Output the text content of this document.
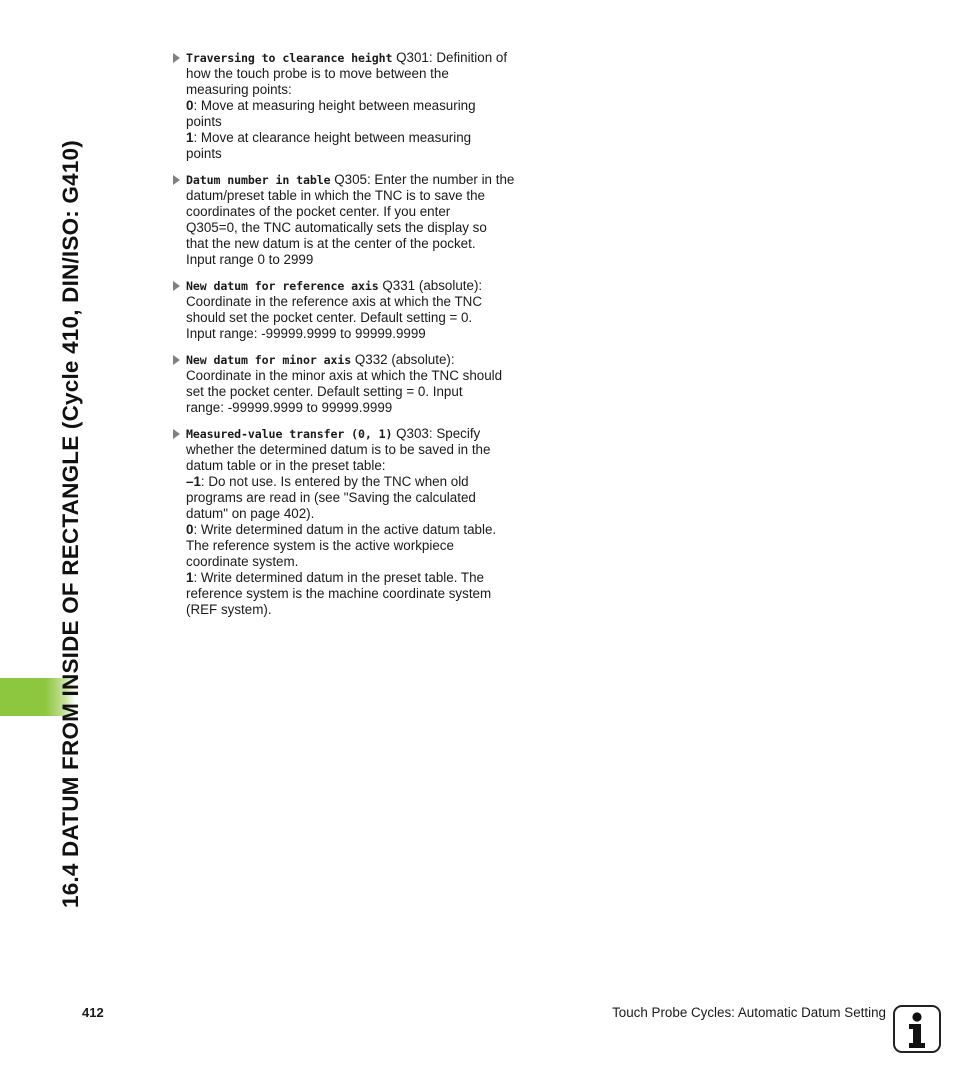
16.4 DATUM FROM INSIDE OF RECTANGLE (Cycle 410, DIN/ISO: G410)
Traversing to clearance height Q301: Definition of
how the touch probe is to move between the
measuring points:
0: Move at measuring height between measuring
points
1: Move at clearance height between measuring
points
Datum number in table Q305: Enter the number in the
datum/preset table in which the TNC is to save the
coordinates of the pocket center. If you enter
Q305=0, the TNC automatically sets the display so
that the new datum is at the center of the pocket.
Input range 0 to 2999
New datum for reference axis Q331 (absolute):
Coordinate in the reference axis at which the TNC
should set the pocket center. Default setting = 0.
Input range: -99999.9999 to 99999.9999
New datum for minor axis Q332 (absolute):
Coordinate in the minor axis at which the TNC should
set the pocket center. Default setting = 0. Input
range: -99999.9999 to 99999.9999
Measured-value transfer (0, 1) Q303: Specify
whether the determined datum is to be saved in the
datum table or in the preset table:
–1: Do not use. Is entered by the TNC when old
programs are read in (see "Saving the calculated
datum" on page 402).
0: Write determined datum in the active datum table.
The reference system is the active workpiece
coordinate system.
1: Write determined datum in the preset table. The
reference system is the machine coordinate system
(REF system).
412	Touch Probe Cycles: Automatic Datum Setting
